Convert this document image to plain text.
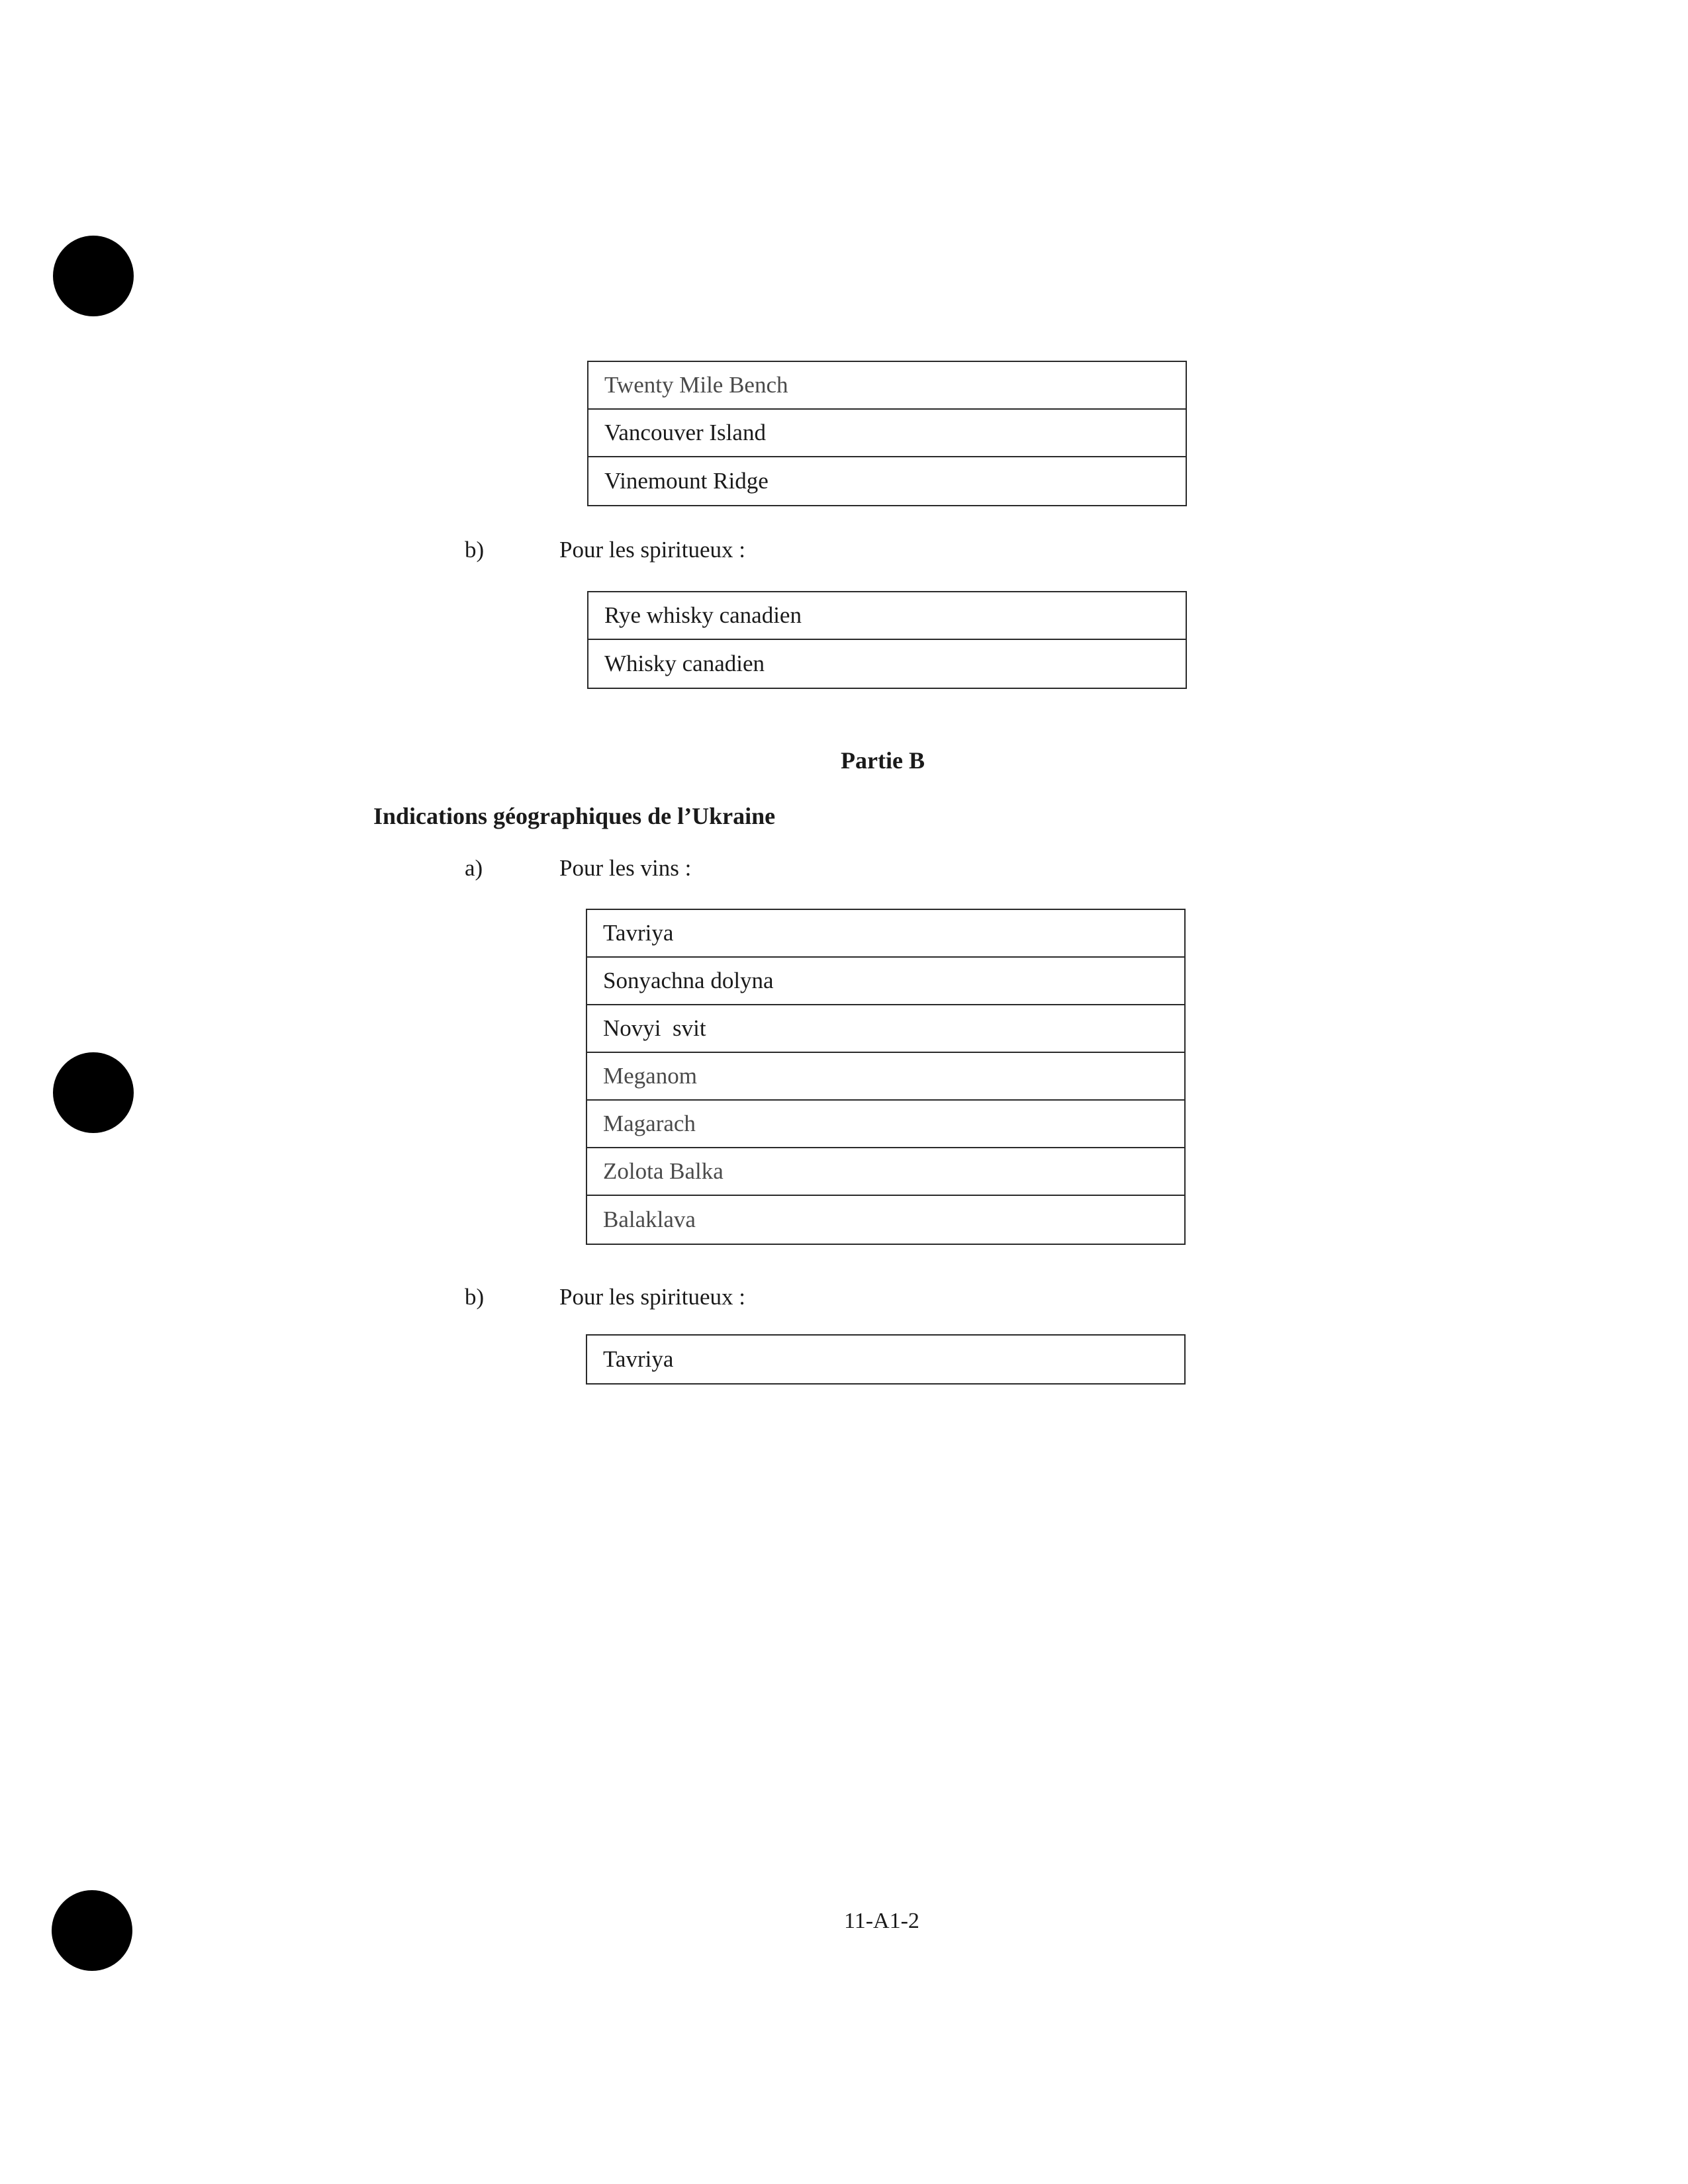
Twenty Mile Bench
Vancouver Island
Vinemount Ridge
b)	Pour les spiritueux :
Rye whisky canadien
Whisky canadien
Partie B
Indications géographiques de l’Ukraine
a)	Pour les vins :
Tavriya
Sonyachna dolyna
Novyi  svit
Meganom
Magarach
Zolota Balka
Balaklava
b)	Pour les spiritueux :
Tavriya
11-A1-2
